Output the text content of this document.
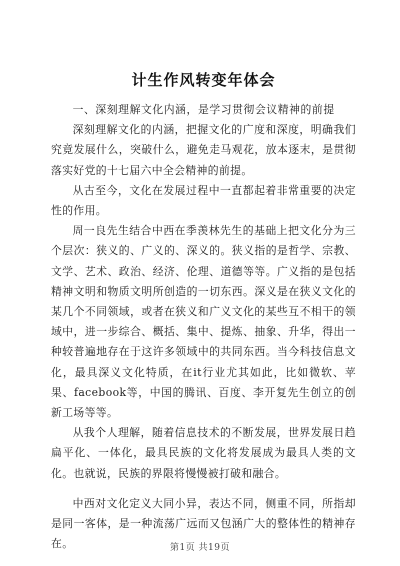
计生作风转变年体会

一、深刻理解文化内涵，是学习贯彻会议精神的前提

深刻理解文化的内涵，把握文化的广度和深度，明确我们究竟发展什么，突破什么，避免走马观花，放本逐末，是贯彻落实好党的十七届六中全会精神的前提。

从古至今，文化在发展过程中一直都起着非常重要的决定性的作用。

周一良先生结合中西在季羡林先生的基础上把文化分为三个层次：狭义的、广义的、深义的。狭义指的是哲学、宗教、文学、艺术、政治、经济、伦理、道德等等。广义指的是包括精神文明和物质文明所创造的一切东西。深义是在狭义文化的某几个不同领域，或者在狭义和广义文化的某些互不相干的领域中，进一步综合、概括、集中、提炼、抽象、升华，得出一种较普遍地存在于这许多领域中的共同东西。当今科技信息文化，最具深义文化特质，在it行业尤其如此，比如微软、苹果、facebook等，中国的腾讯、百度、李开复先生创立的创新工场等等。

从我个人理解，随着信息技术的不断发展，世界发展日趋扁平化、一体化，最具民族的文化将发展成为最具人类的文化。也就说，民族的界限将慢慢被打破和融合。

中西对文化定义大同小异，表达不同，侧重不同，所指却是同一客体，是一种流荡广远而又包涵广大的整体性的精神存在。	第1页 共19页
